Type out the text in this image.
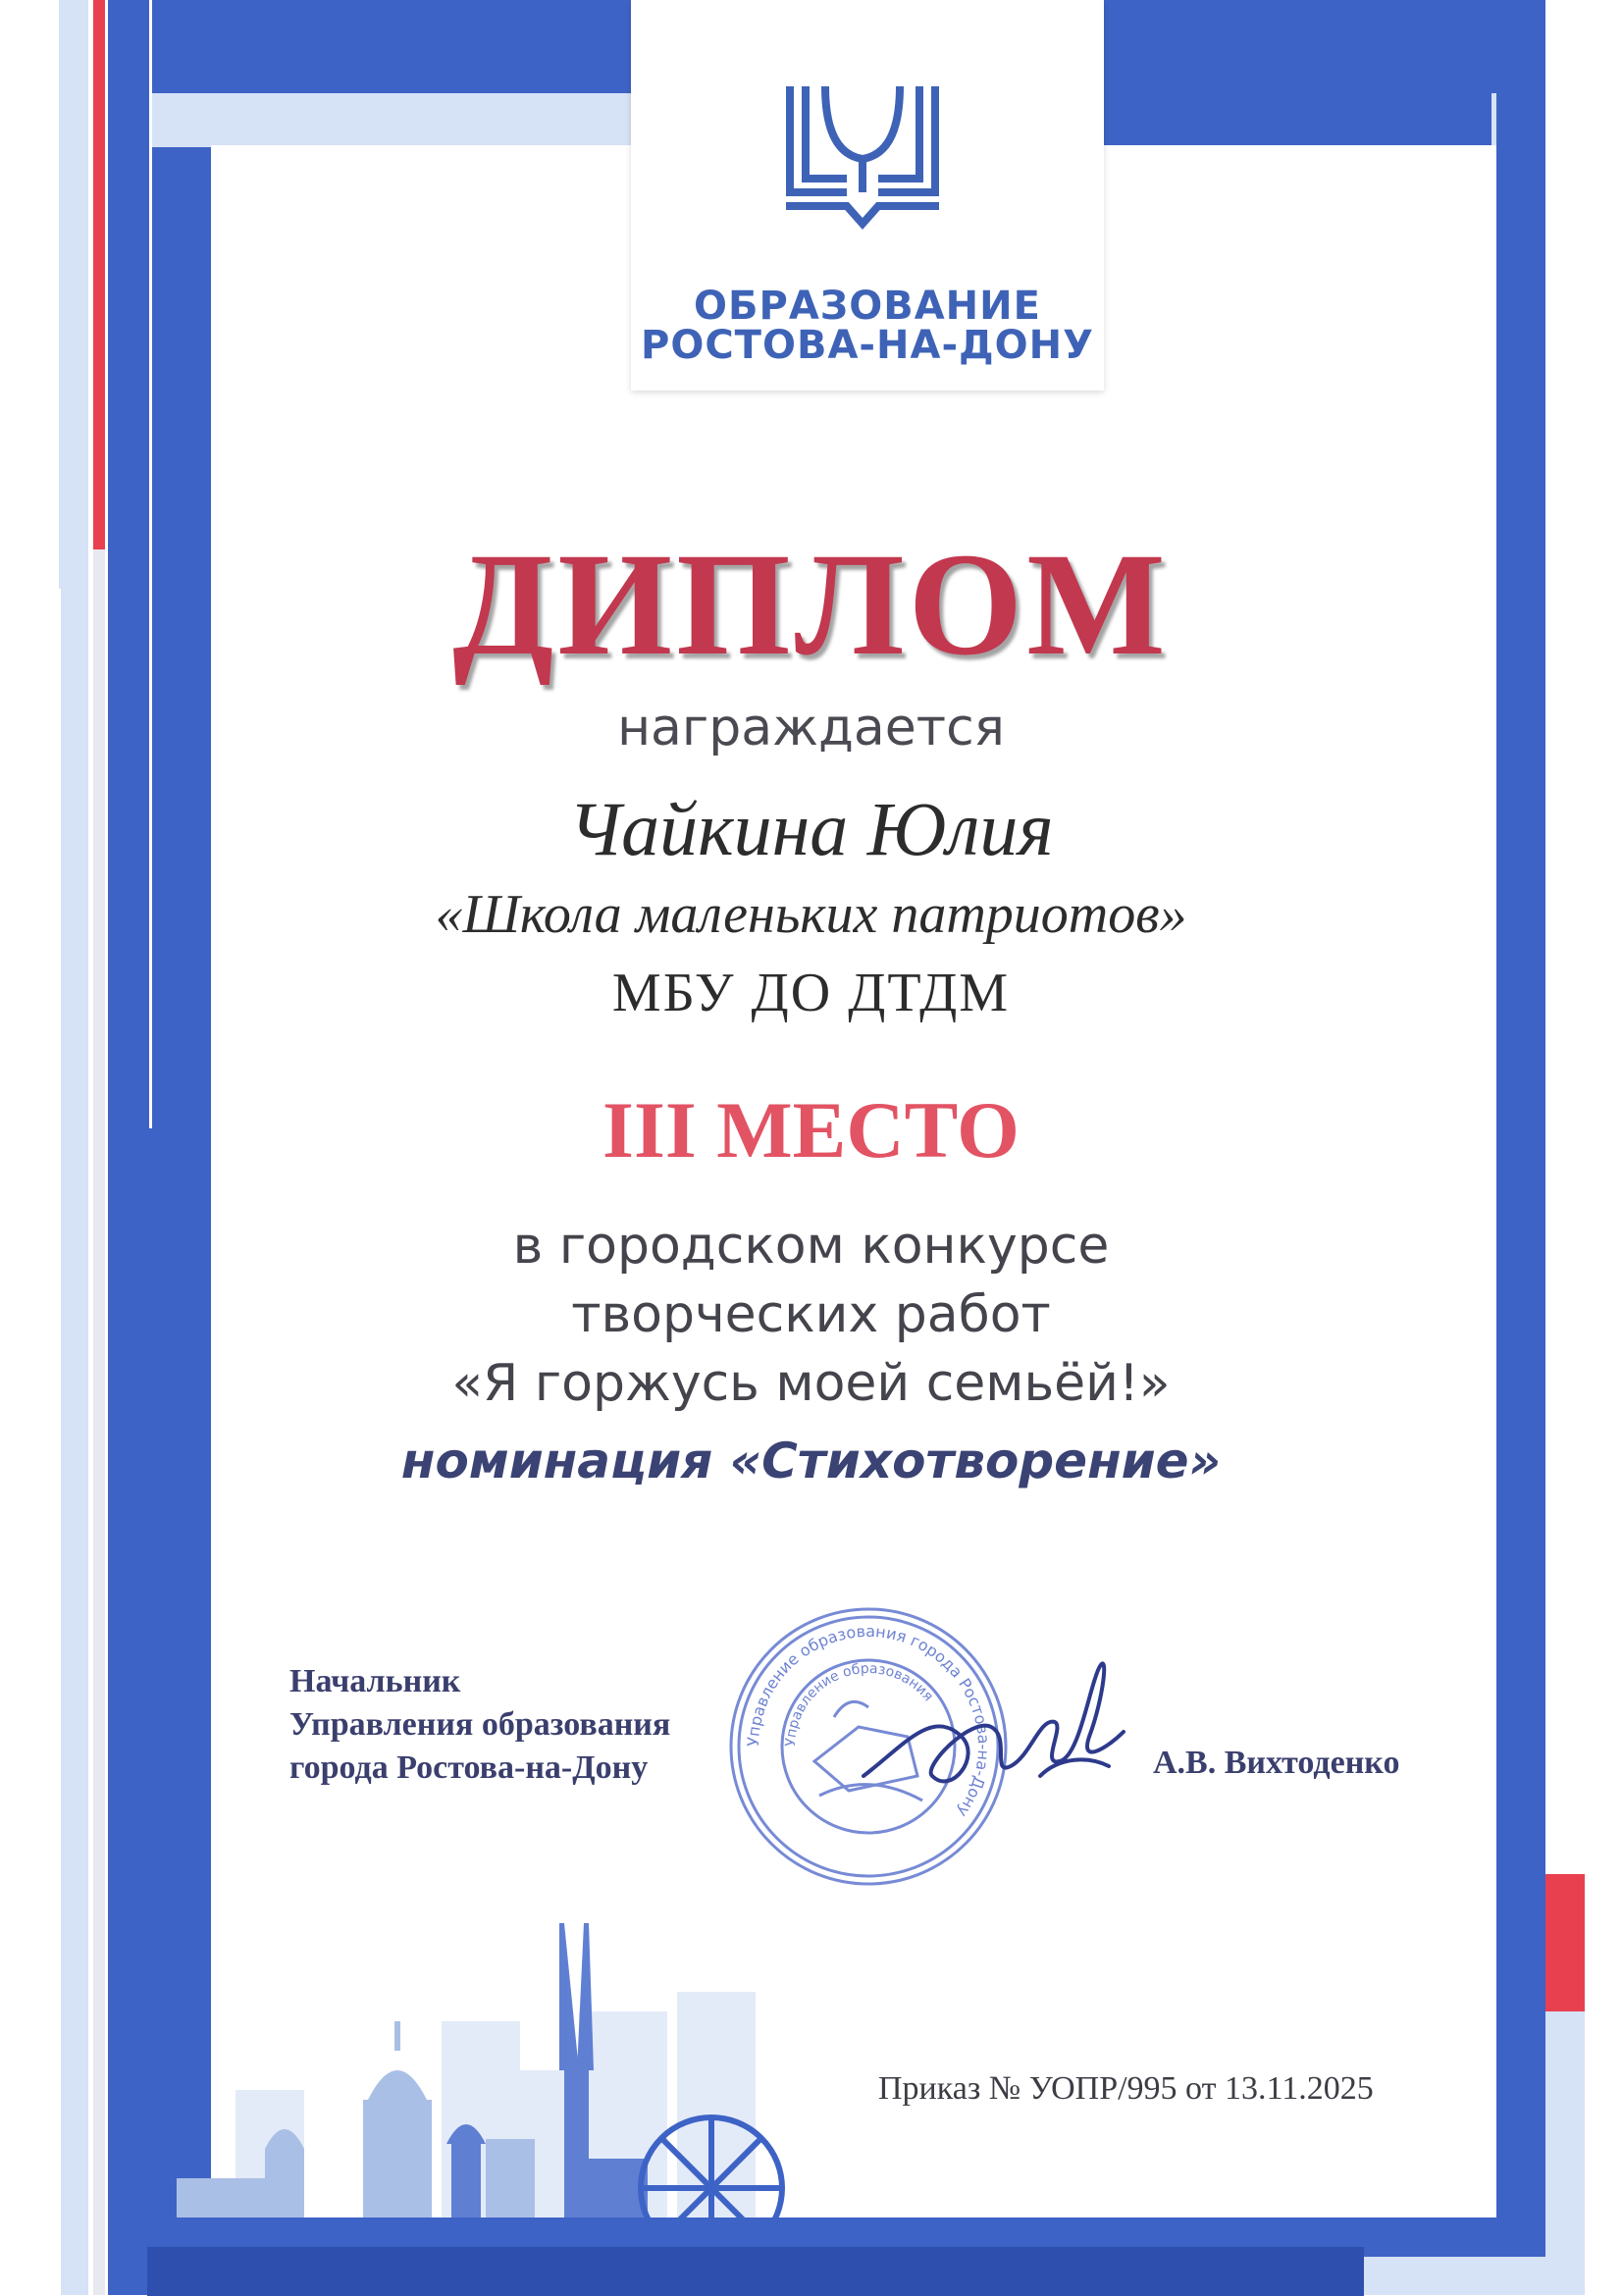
ОБРАЗОВАНИЕ
РОСТОВА-НА-ДОНУ
ДИПЛОМ
награждается
Чайкина Юлия
«Школа маленьких патриотов»
МБУ ДО ДТДМ
III МЕСТО
в городском конкурсе
творческих работ
«Я горжусь моей семьёй!»
номинация «Стихотворение»
Начальник
Управления образования
города Ростова-на-Дону
Управление образования города Ростова-на-Дону
Управление образования
А.В. Вихтоденко
Приказ № УОПР/995 от 13.11.2025
